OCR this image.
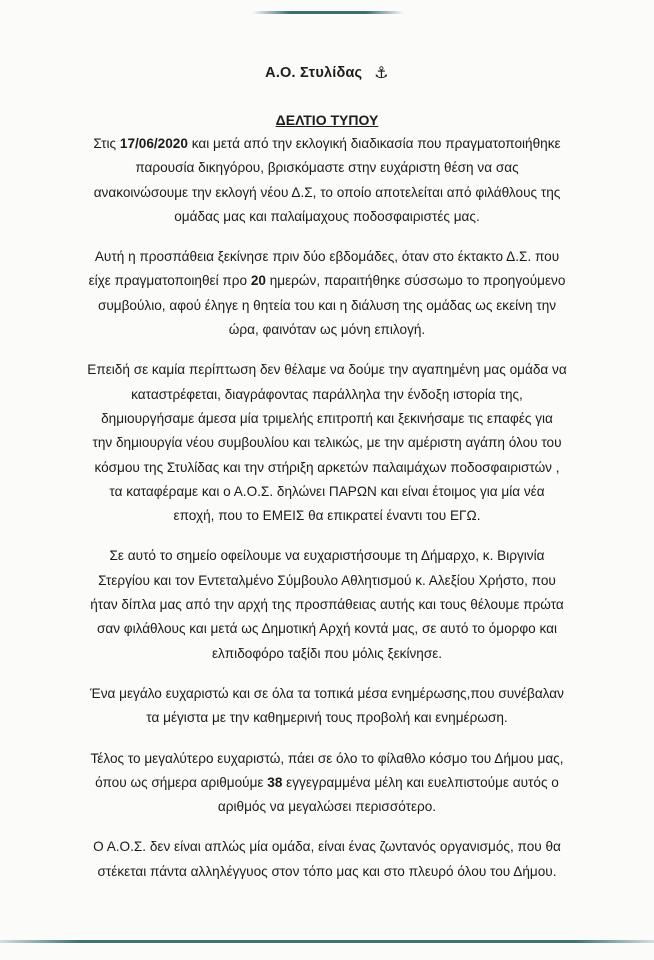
Α.Ο. Στυλίδας ⚓
ΔΕΛΤΙΟ ΤΥΠΟΥ

Στις 17/06/2020 και μετά από την εκλογική διαδικασία που πραγματοποιήθηκε
παρουσία δικηγόρου, βρισκόμαστε στην ευχάριστη θέση να σας
ανακοινώσουμε την εκλογή νέου Δ.Σ, το οποίο αποτελείται από φιλάθλους της
ομάδας μας και παλαίμαχους ποδοσφαιριστές μας.

Αυτή η προσπάθεια ξεκίνησε πριν δύο εβδομάδες, όταν στο έκτακτο Δ.Σ. που
είχε πραγματοποιηθεί προ 20 ημερών, παραιτήθηκε σύσσωμο το προηγούμενο
συμβούλιο, αφού έληγε η θητεία του και η διάλυση της ομάδας ως εκείνη την
ώρα, φαινόταν ως μόνη επιλογή.

Επειδή σε καμία περίπτωση δεν θέλαμε να δούμε την αγαπημένη μας ομάδα να
καταστρέφεται, διαγράφοντας παράλληλα την ένδοξη ιστορία της,
δημιουργήσαμε άμεσα μία τριμελής επιτροπή και ξεκινήσαμε τις επαφές για
την δημιουργία νέου συμβουλίου και τελικώς, με την αμέριστη αγάπη όλου του
κόσμου της Στυλίδας και την στήριξη αρκετών παλαιμάχων ποδοσφαιριστών ,
τα καταφέραμε και ο Α.Ο.Σ. δηλώνει ΠΑΡΩΝ και είναι έτοιμος για μία νέα
εποχή, που το ΕΜΕΙΣ θα επικρατεί έναντι του ΕΓΩ.

Σε αυτό το σημείο οφείλουμε να ευχαριστήσουμε τη Δήμαρχο, κ. Βιργινία
Στεργίου και τον Εντεταλμένο Σύμβουλο Αθλητισμού κ. Αλεξίου Χρήστο, που
ήταν δίπλα μας από την αρχή της προσπάθειας αυτής και τους θέλουμε πρώτα
σαν φιλάθλους και μετά ως Δημοτική Αρχή κοντά μας, σε αυτό το όμορφο και
ελπιδοφόρο ταξίδι που μόλις ξεκίνησε.

Ένα μεγάλο ευχαριστώ και σε όλα τα τοπικά μέσα ενημέρωσης,που συνέβαλαν
τα μέγιστα με την καθημερινή τους προβολή και ενημέρωση.

Τέλος το μεγαλύτερο ευχαριστώ, πάει σε όλο το φίλαθλο κόσμο του Δήμου μας,
όπου ως σήμερα αριθμούμε 38 εγγεγραμμένα μέλη και ευελπιστούμε αυτός ο
αριθμός να μεγαλώσει περισσότερο.

Ο Α.Ο.Σ. δεν είναι απλώς μία ομάδα, είναι ένας ζωντανός οργανισμός, που θα
στέκεται πάντα αλληλέγγυος στον τόπο μας και στο πλευρό όλου του Δήμου.
